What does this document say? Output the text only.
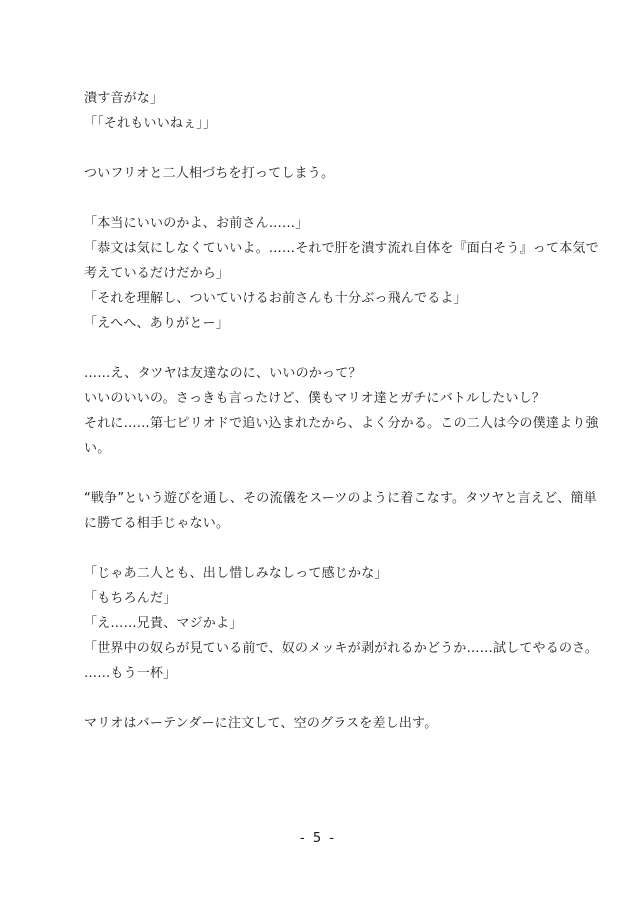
潰す音がな」
「「それもいいねぇ」」
ついフリオと二人相づちを打ってしまう。
「本当にいいのかよ、お前さん……」
「恭文は気にしなくていいよ。……それで肝を潰す流れ自体を『面白そう』って本気で
考えているだけだから」
「それを理解し、ついていけるお前さんも十分ぶっ飛んでるよ」
「えへへ、ありがとー」
……え、タツヤは友達なのに、いいのかって？
いいのいいの。さっきも言ったけど、僕もマリオ達とガチにバトルしたいし？
それに……第七ピリオドで追い込まれたから、よく分かる。この二人は今の僕達より強
い。
“戦争”という遊びを通し、その流儀をスーツのように着こなす。タツヤと言えど、簡単
に勝てる相手じゃない。
「じゃあ二人とも、出し惜しみなしって感じかな」
「もちろんだ」
「え……兄貴、マジかよ」
「世界中の奴らが見ている前で、奴のメッキが剥がれるかどうか……試してやるのさ。
……もう一杯」
マリオはバーテンダーに注文して、空のグラスを差し出す。
- 5 -
